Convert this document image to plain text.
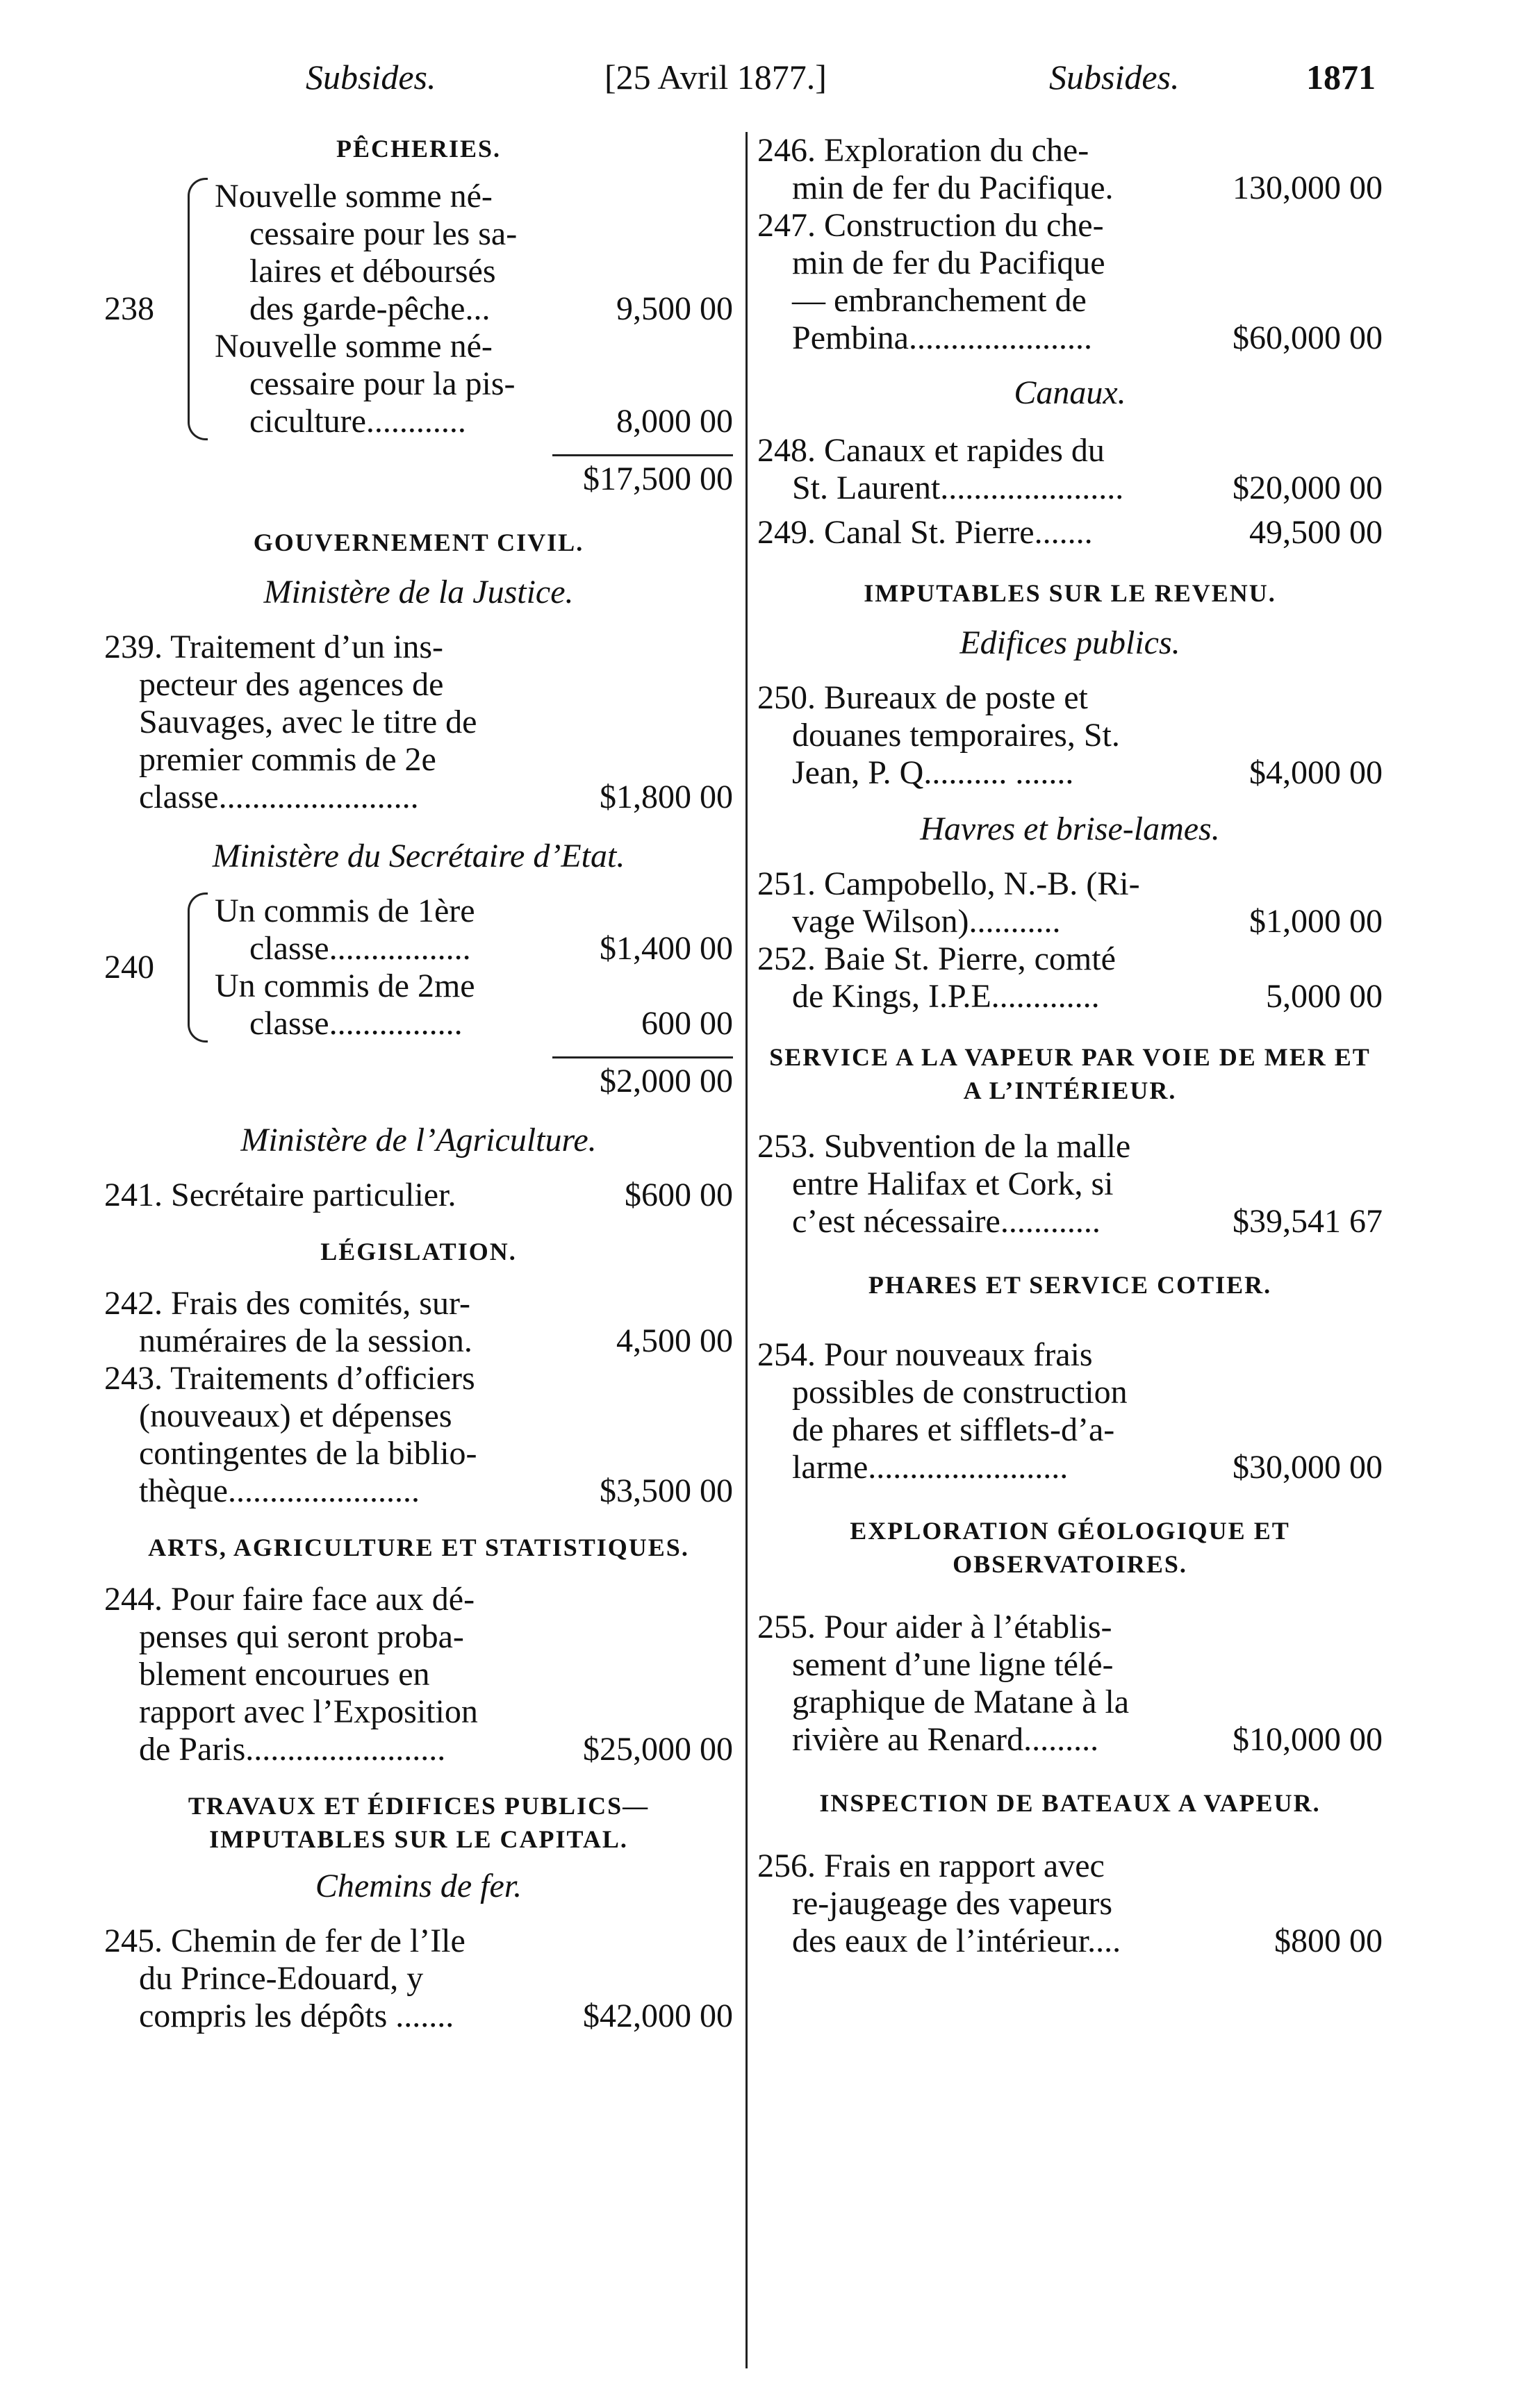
Subsides.	[25 Avril 1877.]	Subsides.	1871
PÊCHERIES.
238
Nouvelle somme né-
cessaire pour les sa-
laires et déboursés
des garde-pêche...	9,500 00
Nouvelle somme né-
cessaire pour la pis-
ciculture............	8,000 00
$17,500 00
GOUVERNEMENT CIVIL.
Ministère de la Justice.
239. Traitement d’un ins-
pecteur des agences de
Sauvages, avec le titre de
premier commis de 2e
classe........................	$1,800 00
Ministère du Secrétaire d’Etat.
240
Un commis de 1ère
classe.................	$1,400 00
Un commis de 2me
classe................	600 00
$2,000 00
Ministère de l’Agriculture.
241. Secrétaire particulier.	$600 00
LÉGISLATION.
242. Frais des comités, sur-
numéraires de la session.	4,500 00
243. Traitements d’officiers
(nouveaux) et dépenses
contingentes de la biblio-
thèque.......................	$3,500 00
ARTS, AGRICULTURE ET STATISTIQUES.
244. Pour faire face aux dé-
penses qui seront proba-
blement encourues en
rapport avec l’Exposition
de Paris........................	$25,000 00
TRAVAUX ET ÉDIFICES PUBLICS—IMPUTABLES SUR LE CAPITAL.
Chemins de fer.
245. Chemin de fer de l’Ile
du Prince-Edouard, y
compris les dépôts .......	$42,000 00
246. Exploration du che-
min de fer du Pacifique.	130,000 00
247. Construction du che-
min de fer du Pacifique
— embranchement de
Pembina......................	$60,000 00
Canaux.
248. Canaux et rapides du
St. Laurent......................	$20,000 00
249. Canal St. Pierre.......	49,500 00
IMPUTABLES SUR LE REVENU.
Edifices publics.
250. Bureaux de poste et
douanes temporaires, St.
Jean, P. Q.......... .......	$4,000 00
Havres et brise-lames.
251. Campobello, N.-B. (Ri-
vage Wilson)...........	$1,000 00
252. Baie St. Pierre, comté
de Kings, I.P.E.............	5,000 00
SERVICE A LA VAPEUR PAR VOIE DE MER ET A L’INTÉRIEUR.
253. Subvention de la malle
entre Halifax et Cork, si
c’est nécessaire............	$39,541 67
PHARES ET SERVICE COTIER.
254. Pour nouveaux frais
possibles de construction
de phares et sifflets-d’a-
larme........................	$30,000 00
EXPLORATION GÉOLOGIQUE ET OBSERVATOIRES.
255. Pour aider à l’établis-
sement d’une ligne télé-
graphique de Matane à la
rivière au Renard.........	$10,000 00
INSPECTION DE BATEAUX A VAPEUR.
256. Frais en rapport avec
re-jaugeage des vapeurs
des eaux de l’intérieur....	$800 00
